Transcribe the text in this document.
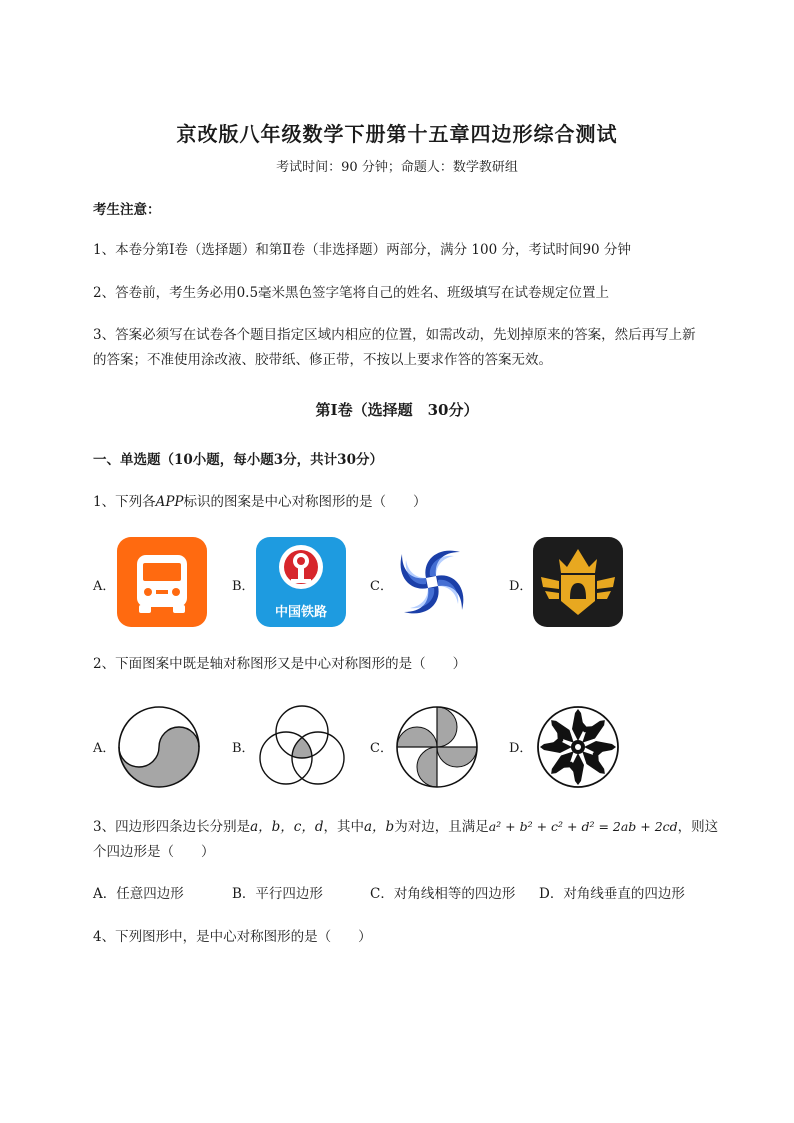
京改版八年级数学下册第十五章四边形综合测试
考试时间：90 分钟；命题人：数学教研组
考生注意：
1、本卷分第Ⅰ卷（选择题）和第Ⅱ卷（非选择题）两部分，满分 100 分，考试时间90 分钟
2、答卷前，考生务必用0.5毫米黑色签字笔将自己的姓名、班级填写在试卷规定位置上
3、答案必须写在试卷各个题目指定区域内相应的位置，如需改动，先划掉原来的答案，然后再写上新
的答案；不准使用涂改液、胶带纸、修正带，不按以上要求作答的答案无效。
第Ⅰ卷（选择题　30分）
一、单选题（10小题，每小题3分，共计30分）
1、下列各APP标识的图案是中心对称图形的是（　　）
A．	B．	C．	D．
中国铁路
2、下面图案中既是轴对称图形又是中心对称图形的是（　　）
A．	B．	C．	D．
3、四边形四条边长分别是a，b，c，d，其中a，b为对边，且满足a² + b² + c² + d² = 2ab + 2cd，则这
个四边形是（　　）
A．任意四边形	B．平行四边形	C．对角线相等的四边形 D．对角线垂直的四边形
4、下列图形中，是中心对称图形的是（　　）
